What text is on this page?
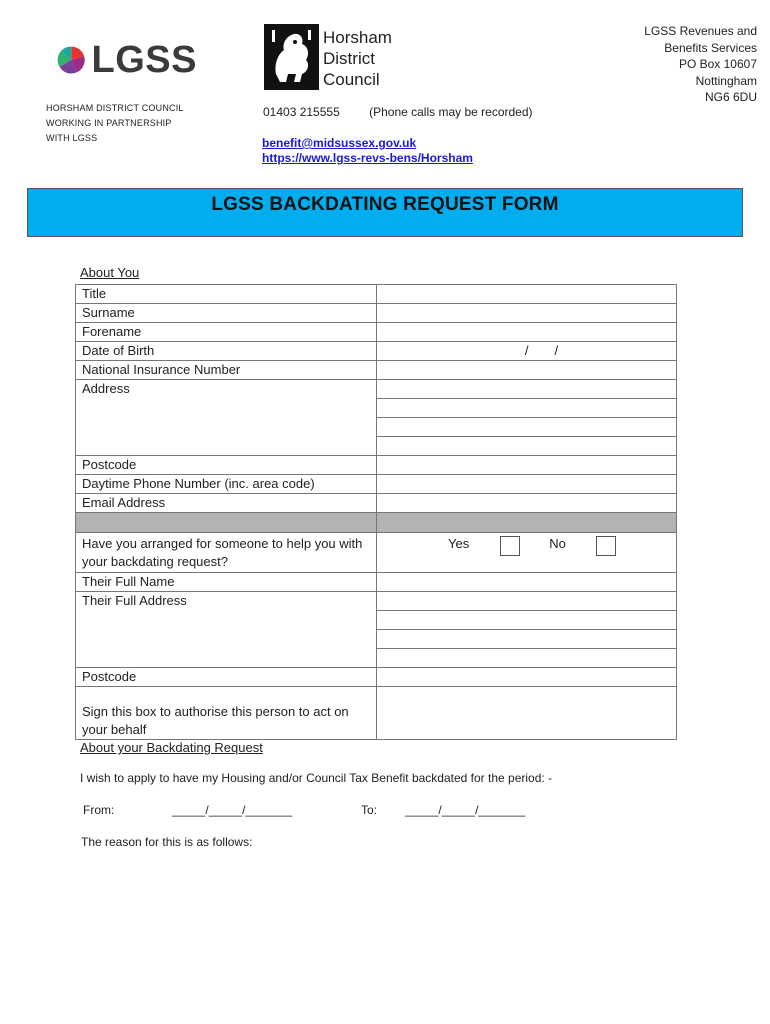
LGSS
Horsham
District
Council
LGSS Revenues and
Benefits Services
PO Box 10607
Nottingham
NG6 6DU
HORSHAM DISTRICT COUNCIL
WORKING IN PARTNERSHIP
WITH LGSS
01403 215555 (Phone calls may be recorded)
benefit@midsussex.gov.uk
https://www.lgss-revs-bens/Horsham
LGSS BACKDATING REQUEST FORM
About You
Title	
Surname	
Forename	
Date of Birth	/ /

National Insurance Number	
Address	

Postcode	
Daytime Phone Number (inc. area code)	
Email Address	

Have you arranged for someone to help you with your backdating request?	Yes No

Their Full Name	
Their Full Address	

Postcode	
Sign this box to authorise this person to act on your behalf	
About your Backdating Request
I wish to apply to have my Housing and/or Council Tax Benefit backdated for the period: -
From:	_____/_____/_______	To: _____/_____/_______
The reason for this is as follows:
